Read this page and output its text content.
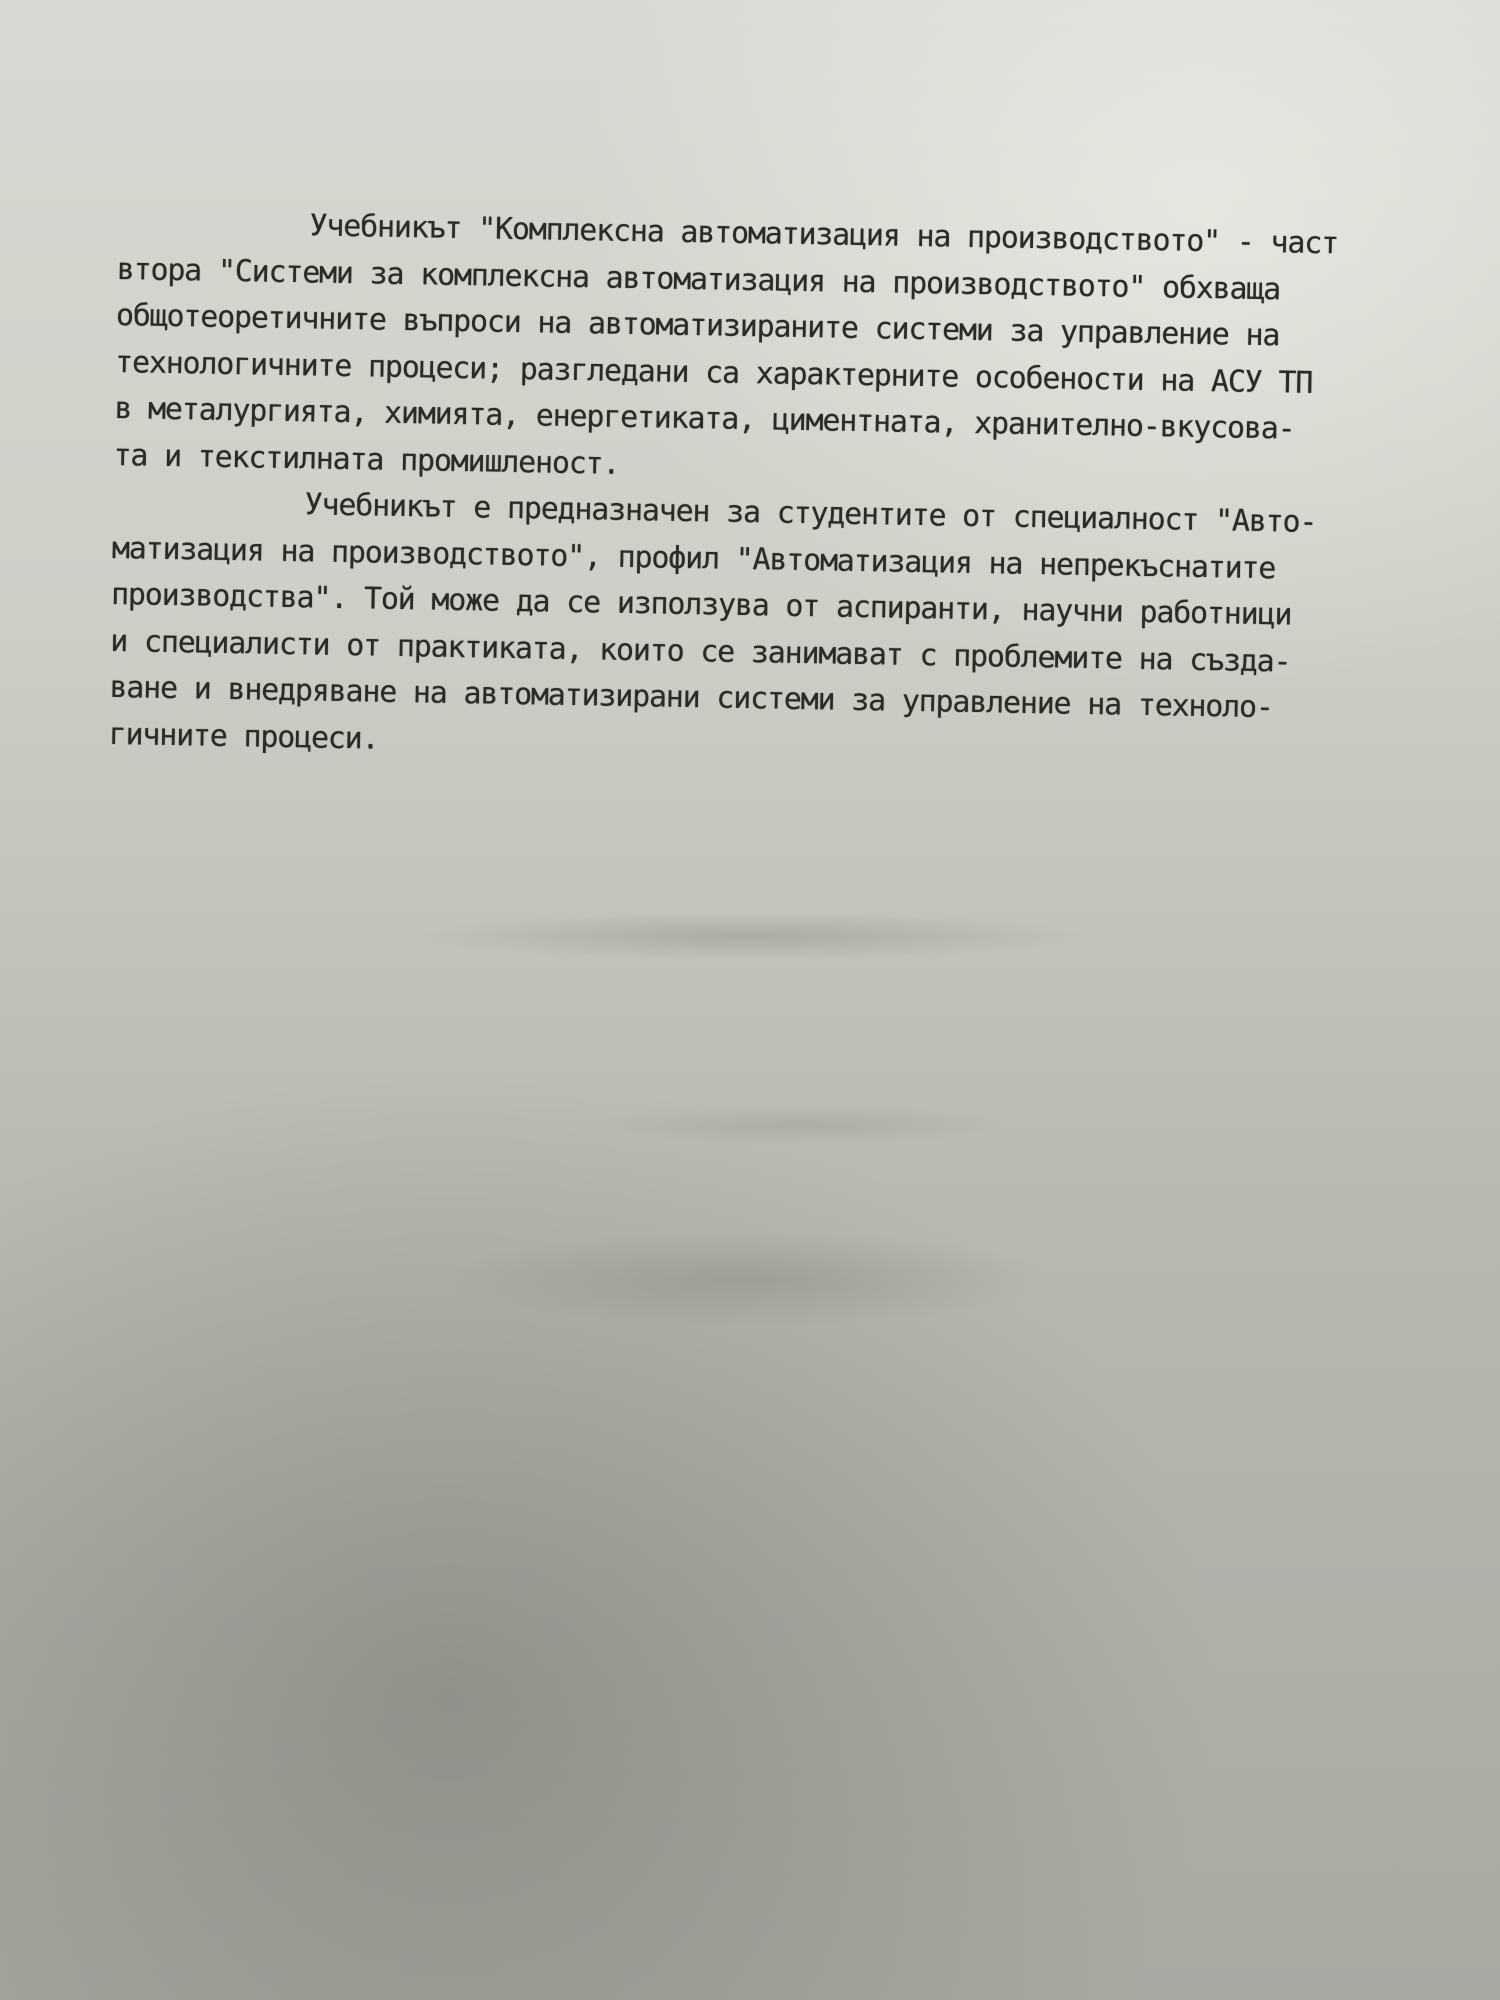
Учебникът "Комплексна автоматизация на производството" - част
втора "Системи за комплексна автоматизация на производството" обхваща
общотеоретичните въпроси на автоматизираните системи за управление на
технологичните процеси; разгледани са характерните особености на АСУ ТП
в металургията, химията, енергетиката, циментната, хранително-вкусова-
та и текстилната промишленост.

Учебникът е предназначен за студентите от специалност "Авто-
матизация на производството", профил "Автоматизация на непрекъснатите
производства". Той може да се използува от аспиранти, научни работници
и специалисти от практиката, които се занимават с проблемите на създа-
ване и внедряване на автоматизирани системи за управление на техноло-
гичните процеси.
